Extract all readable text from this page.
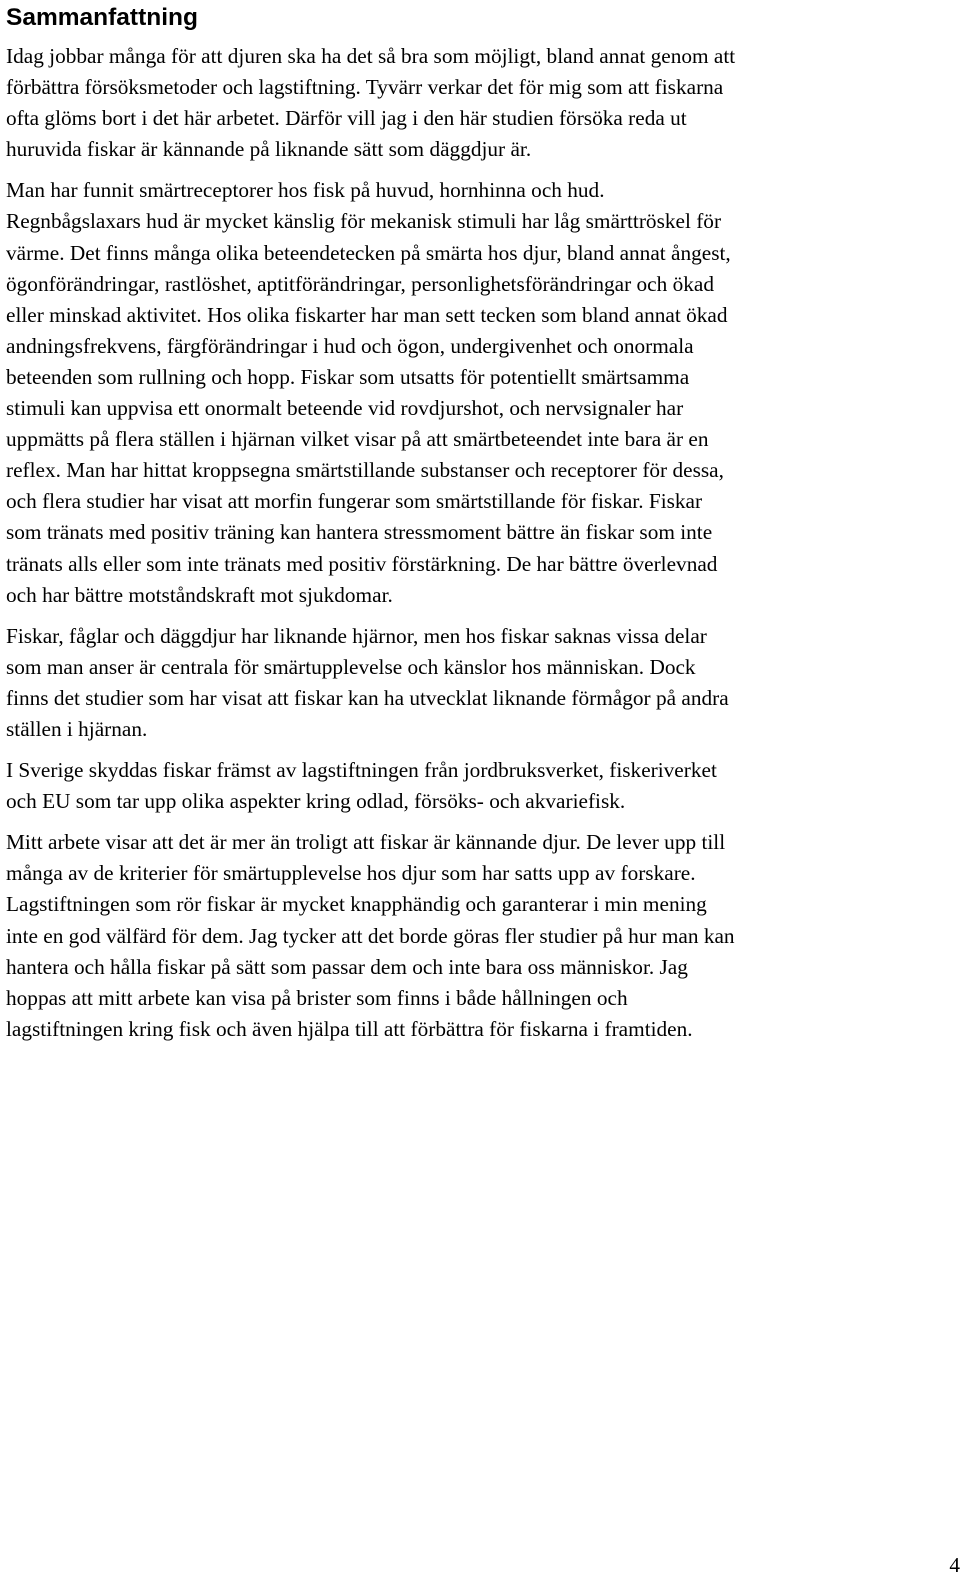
Sammanfattning

Idag jobbar många för att djuren ska ha det så bra som möjligt, bland annat genom att
förbättra försöksmetoder och lagstiftning. Tyvärr verkar det för mig som att fiskarna
ofta glöms bort i det här arbetet. Därför vill jag i den här studien försöka reda ut
huruvida fiskar är kännande på liknande sätt som däggdjur är.

Man har funnit smärtreceptorer hos fisk på huvud, hornhinna och hud.
Regnbågslaxars hud är mycket känslig för mekanisk stimuli har låg smärttröskel för
värme. Det finns många olika beteendetecken på smärta hos djur, bland annat ångest,
ögonförändringar, rastlöshet, aptitförändringar, personlighetsförändringar och ökad
eller minskad aktivitet. Hos olika fiskarter har man sett tecken som bland annat ökad
andningsfrekvens, färgförändringar i hud och ögon, undergivenhet och onormala
beteenden som rullning och hopp. Fiskar som utsatts för potentiellt smärtsamma
stimuli kan uppvisa ett onormalt beteende vid rovdjurshot, och nervsignaler har
uppmätts på flera ställen i hjärnan vilket visar på att smärtbeteendet inte bara är en
reflex. Man har hittat kroppsegna smärtstillande substanser och receptorer för dessa,
och flera studier har visat att morfin fungerar som smärtstillande för fiskar. Fiskar
som tränats med positiv träning kan hantera stressmoment bättre än fiskar som inte
tränats alls eller som inte tränats med positiv förstärkning. De har bättre överlevnad
och har bättre motståndskraft mot sjukdomar.

Fiskar, fåglar och däggdjur har liknande hjärnor, men hos fiskar saknas vissa delar
som man anser är centrala för smärtupplevelse och känslor hos människan. Dock
finns det studier som har visat att fiskar kan ha utvecklat liknande förmågor på andra
ställen i hjärnan.

I Sverige skyddas fiskar främst av lagstiftningen från jordbruksverket, fiskeriverket
och EU som tar upp olika aspekter kring odlad, försöks- och akvariefisk.

Mitt arbete visar att det är mer än troligt att fiskar är kännande djur. De lever upp till
många av de kriterier för smärtupplevelse hos djur som har satts upp av forskare.
Lagstiftningen som rör fiskar är mycket knapphändig och garanterar i min mening
inte en god välfärd för dem. Jag tycker att det borde göras fler studier på hur man kan
hantera och hålla fiskar på sätt som passar dem och inte bara oss människor. Jag
hoppas att mitt arbete kan visa på brister som finns i både hållningen och
lagstiftningen kring fisk och även hjälpa till att förbättra för fiskarna i framtiden.

4
